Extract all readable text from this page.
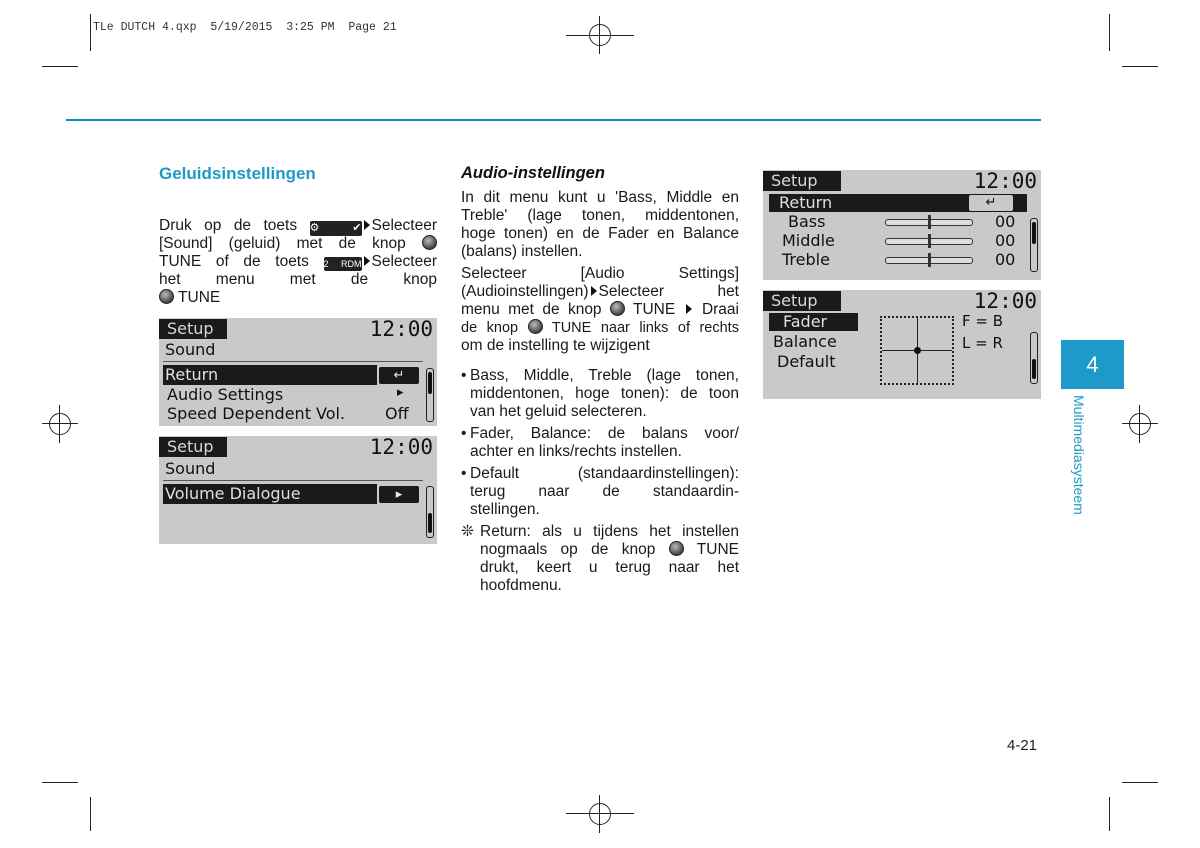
TLe DUTCH 4.qxp  5/19/2015  3:25 PM  Page 21
Geluidsinstellingen
Druk op de toets ⚙ ✔ Selecteer
[Sound] (geluid) met de knop
TUNE of de toets 2 RDM Selecteer
het menu met de knop
TUNE
Setup	12:00
Sound
Return	↵
Audio Settings	▸
Speed Dependent Vol. Off
Setup	12:00
Sound
Volume Dialogue	▸
Audio-instellingen
In dit menu kunt u 'Bass, Middle en
Treble' (lage tonen, middentonen,
hoge tonen) en de Fader en Balance
(balans) instellen.
Selecteer [Audio Settings]
(Audioinstellingen) Selecteer het
menu met de knop  TUNE  Draai
de knop  TUNE naar links of rechts
om de instelling te wijzigent
• Bass, Middle, Treble (lage tonen,
middentonen, hoge tonen): de toon
van het geluid selecteren.
• Fader, Balance: de balans voor/
achter en links/rechts instellen.
• Default (standaardinstellingen):
terug naar de standaardin-
stellingen.
❊ Return: als u tijdens het instellen
nogmaals op de knop  TUNE
drukt, keert u terug naar het
hoofdmenu.
Setup	12:00
Return	↵
Bass	00
Middle	00
Treble	00
Setup	12:00
Fader
Balance
Default
F = B
L = R
4
Multimediasysteem
4-21
